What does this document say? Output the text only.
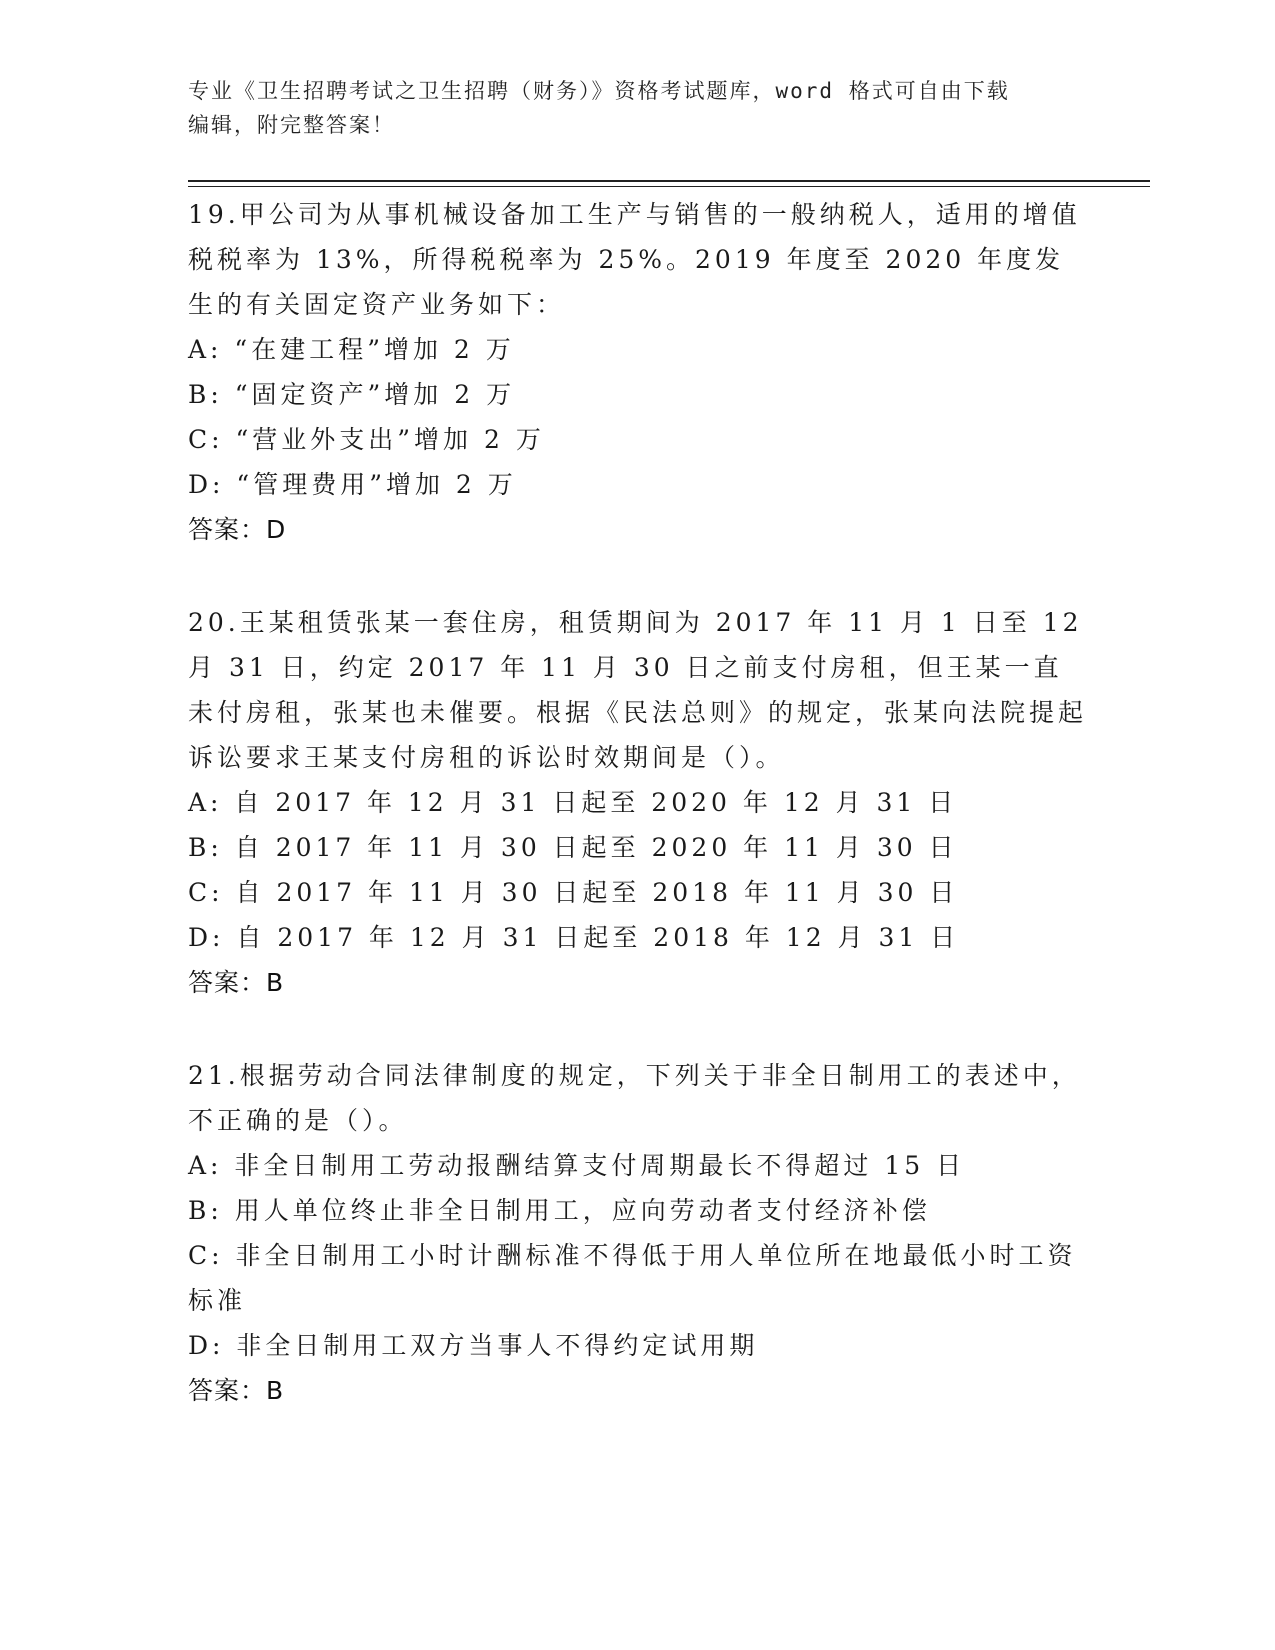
专业《卫生招聘考试之卫生招聘（财务）》资格考试题库，word 格式可自由下载
编辑，附完整答案！

19.甲公司为从事机械设备加工生产与销售的一般纳税人，适用的增值税税率为 13%，所得税税率为 25%。2019 年度至 2020 年度发生的有关固定资产业务如下：

A: “在建工程”增加 2 万

B: “固定资产”增加 2 万

C: “营业外支出”增加 2 万

D: “管理费用”增加 2 万

答案：D

20.王某租赁张某一套住房，租赁期间为 2017 年 11 月 1 日至 12 月 31 日，约定 2017 年 11 月 30 日之前支付房租，但王某一直未付房租，张某也未催要。根据《民法总则》的规定，张某向法院提起诉讼要求王某支付房租的诉讼时效期间是（）。

A: 自 2017 年 12 月 31 日起至 2020 年 12 月 31 日

B: 自 2017 年 11 月 30 日起至 2020 年 11 月 30 日

C: 自 2017 年 11 月 30 日起至 2018 年 11 月 30 日

D: 自 2017 年 12 月 31 日起至 2018 年 12 月 31 日

答案：B

21.根据劳动合同法律制度的规定，下列关于非全日制用工的表述中，不正确的是（）。

A: 非全日制用工劳动报酬结算支付周期最长不得超过 15 日

B: 用人单位终止非全日制用工，应向劳动者支付经济补偿

C: 非全日制用工小时计酬标准不得低于用人单位所在地最低小时工资标准

D: 非全日制用工双方当事人不得约定试用期

答案：B
